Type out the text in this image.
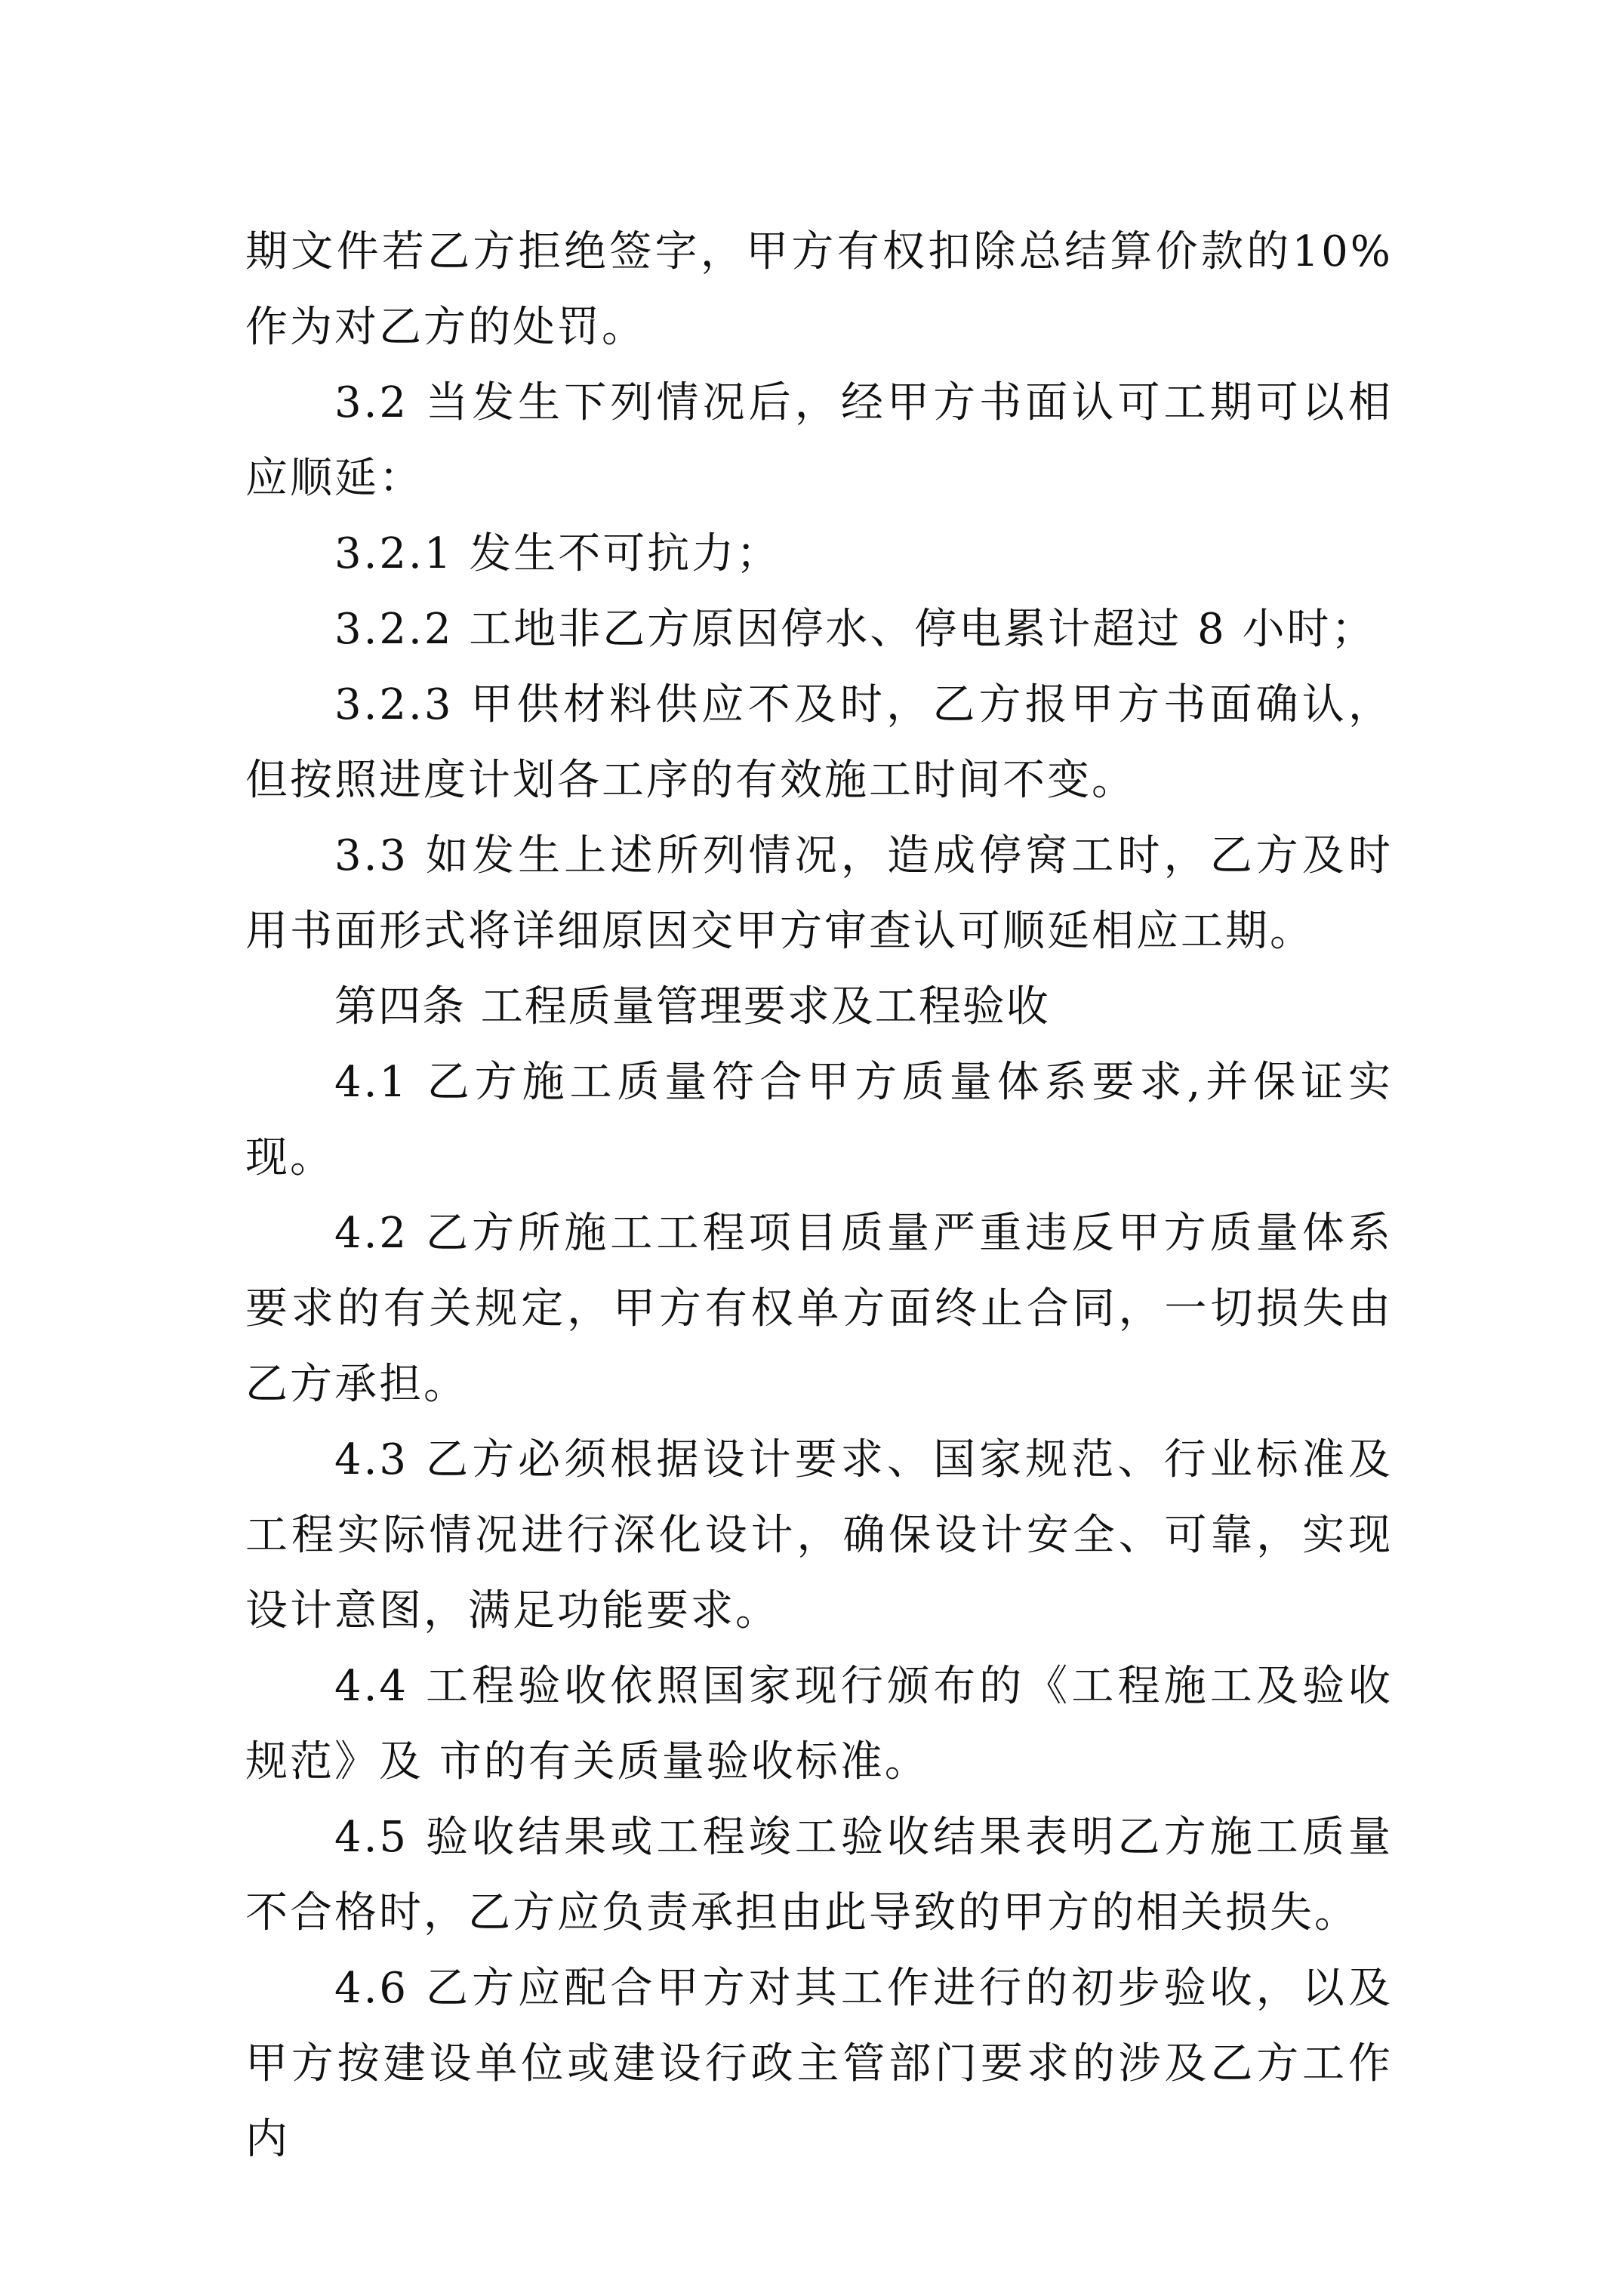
期文件若乙方拒绝签字，甲方有权扣除总结算价款的10%作为对乙方的处罚。

3.2 当发生下列情况后，经甲方书面认可工期可以相应顺延：

3.2.1 发生不可抗力；

3.2.2 工地非乙方原因停水、停电累计超过 8 小时；

3.2.3 甲供材料供应不及时，乙方报甲方书面确认，但按照进度计划各工序的有效施工时间不变。

3.3 如发生上述所列情况，造成停窝工时，乙方及时用书面形式将详细原因交甲方审查认可顺延相应工期。

第四条 工程质量管理要求及工程验收

4.1 乙方施工质量符合甲方质量体系要求,并保证实现。

4.2 乙方所施工工程项目质量严重违反甲方质量体系要求的有关规定，甲方有权单方面终止合同，一切损失由乙方承担。

4.3 乙方必须根据设计要求、国家规范、行业标准及工程实际情况进行深化设计，确保设计安全、可靠，实现设计意图，满足功能要求。

4.4 工程验收依照国家现行颁布的《工程施工及验收规范》及 市的有关质量验收标准。

4.5 验收结果或工程竣工验收结果表明乙方施工质量不合格时，乙方应负责承担由此导致的甲方的相关损失。

4.6 乙方应配合甲方对其工作进行的初步验收，以及甲方按建设单位或建设行政主管部门要求的涉及乙方工作内
